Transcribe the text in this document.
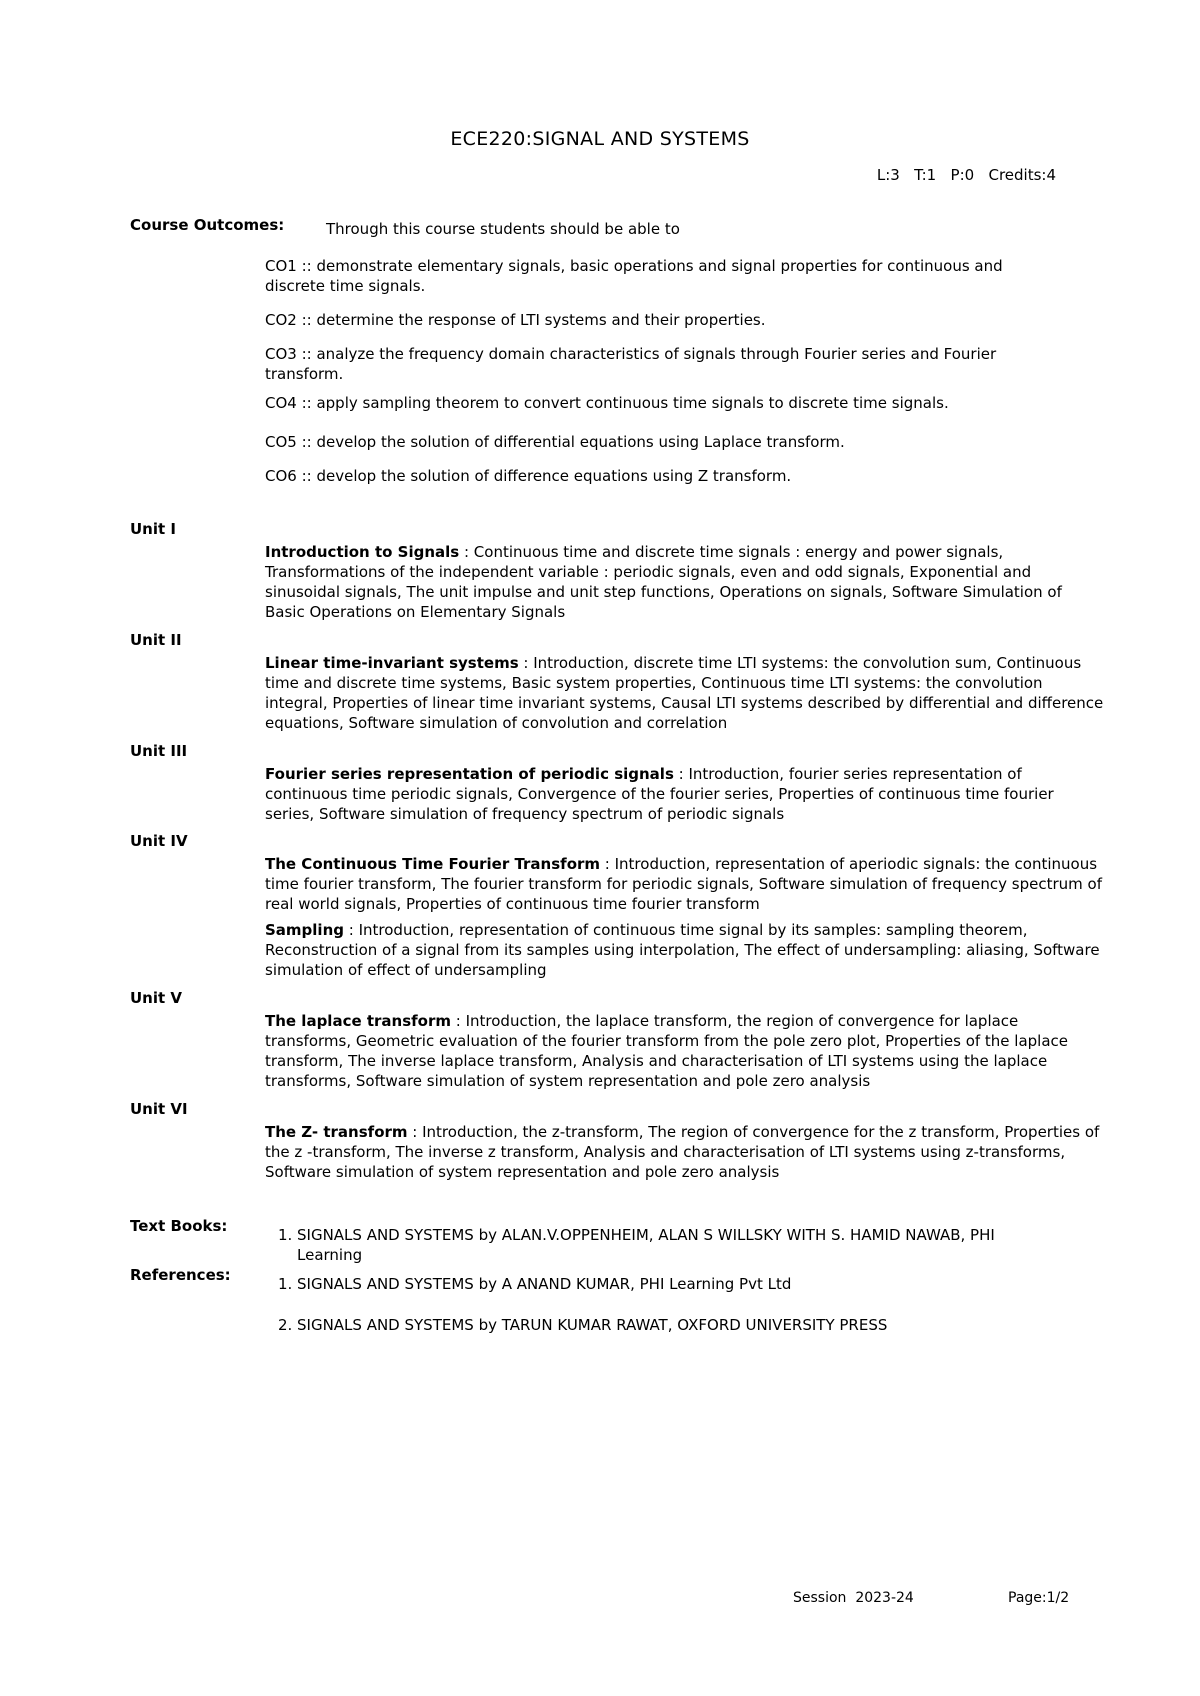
ECE220:SIGNAL AND SYSTEMS
L:3   T:1   P:0   Credits:4
Course Outcomes:	Through this course students should be able to
CO1 :: demonstrate elementary signals, basic operations and signal properties for continuous and discrete time signals.
CO2 :: determine the response of LTI systems and their properties.
CO3 :: analyze the frequency domain characteristics of signals through Fourier series and Fourier transform.
CO4 :: apply sampling theorem to convert continuous time signals to discrete time signals.
CO5 :: develop the solution of differential equations using Laplace transform.
CO6 :: develop the solution of difference equations using Z transform.
Unit I
Introduction to Signals : Continuous time and discrete time signals : energy and power signals, Transformations of the independent variable : periodic signals, even and odd signals, Exponential and sinusoidal signals, The unit impulse and unit step functions, Operations on signals, Software Simulation of Basic Operations on Elementary Signals
Unit II
Linear time-invariant systems : Introduction, discrete time LTI systems: the convolution sum, Continuous time and discrete time systems, Basic system properties, Continuous time LTI systems: the convolution integral, Properties of linear time invariant systems, Causal LTI systems described by differential and difference equations, Software simulation of convolution and correlation
Unit III
Fourier series representation of periodic signals : Introduction, fourier series representation of continuous time periodic signals, Convergence of the fourier series, Properties of continuous time fourier series, Software simulation of frequency spectrum of periodic signals
Unit IV
The Continuous Time Fourier Transform : Introduction, representation of aperiodic signals: the continuous time fourier transform, The fourier transform for periodic signals, Software simulation of frequency spectrum of real world signals, Properties of continuous time fourier transform
Sampling : Introduction, representation of continuous time signal by its samples: sampling theorem, Reconstruction of a signal from its samples using interpolation, The effect of undersampling: aliasing, Software simulation of effect of undersampling
Unit V
The laplace transform : Introduction, the laplace transform, the region of convergence for laplace transforms, Geometric evaluation of the fourier transform from the pole zero plot, Properties of the laplace transform, The inverse laplace transform, Analysis and characterisation of LTI systems using the laplace transforms, Software simulation of system representation and pole zero analysis
Unit VI
The Z- transform : Introduction, the z-transform, The region of convergence for the z transform, Properties of the z -transform, The inverse z transform, Analysis and characterisation of LTI systems using z-transforms, Software simulation of system representation and pole zero analysis
Text Books:	1. SIGNALS AND SYSTEMS by ALAN.V.OPPENHEIM, ALAN S WILLSKY WITH S. HAMID NAWAB, PHI Learning
References:	1. SIGNALS AND SYSTEMS by A ANAND KUMAR, PHI Learning Pvt Ltd
2. SIGNALS AND SYSTEMS by TARUN KUMAR RAWAT, OXFORD UNIVERSITY PRESS
Session  2023-24	Page:1/2
